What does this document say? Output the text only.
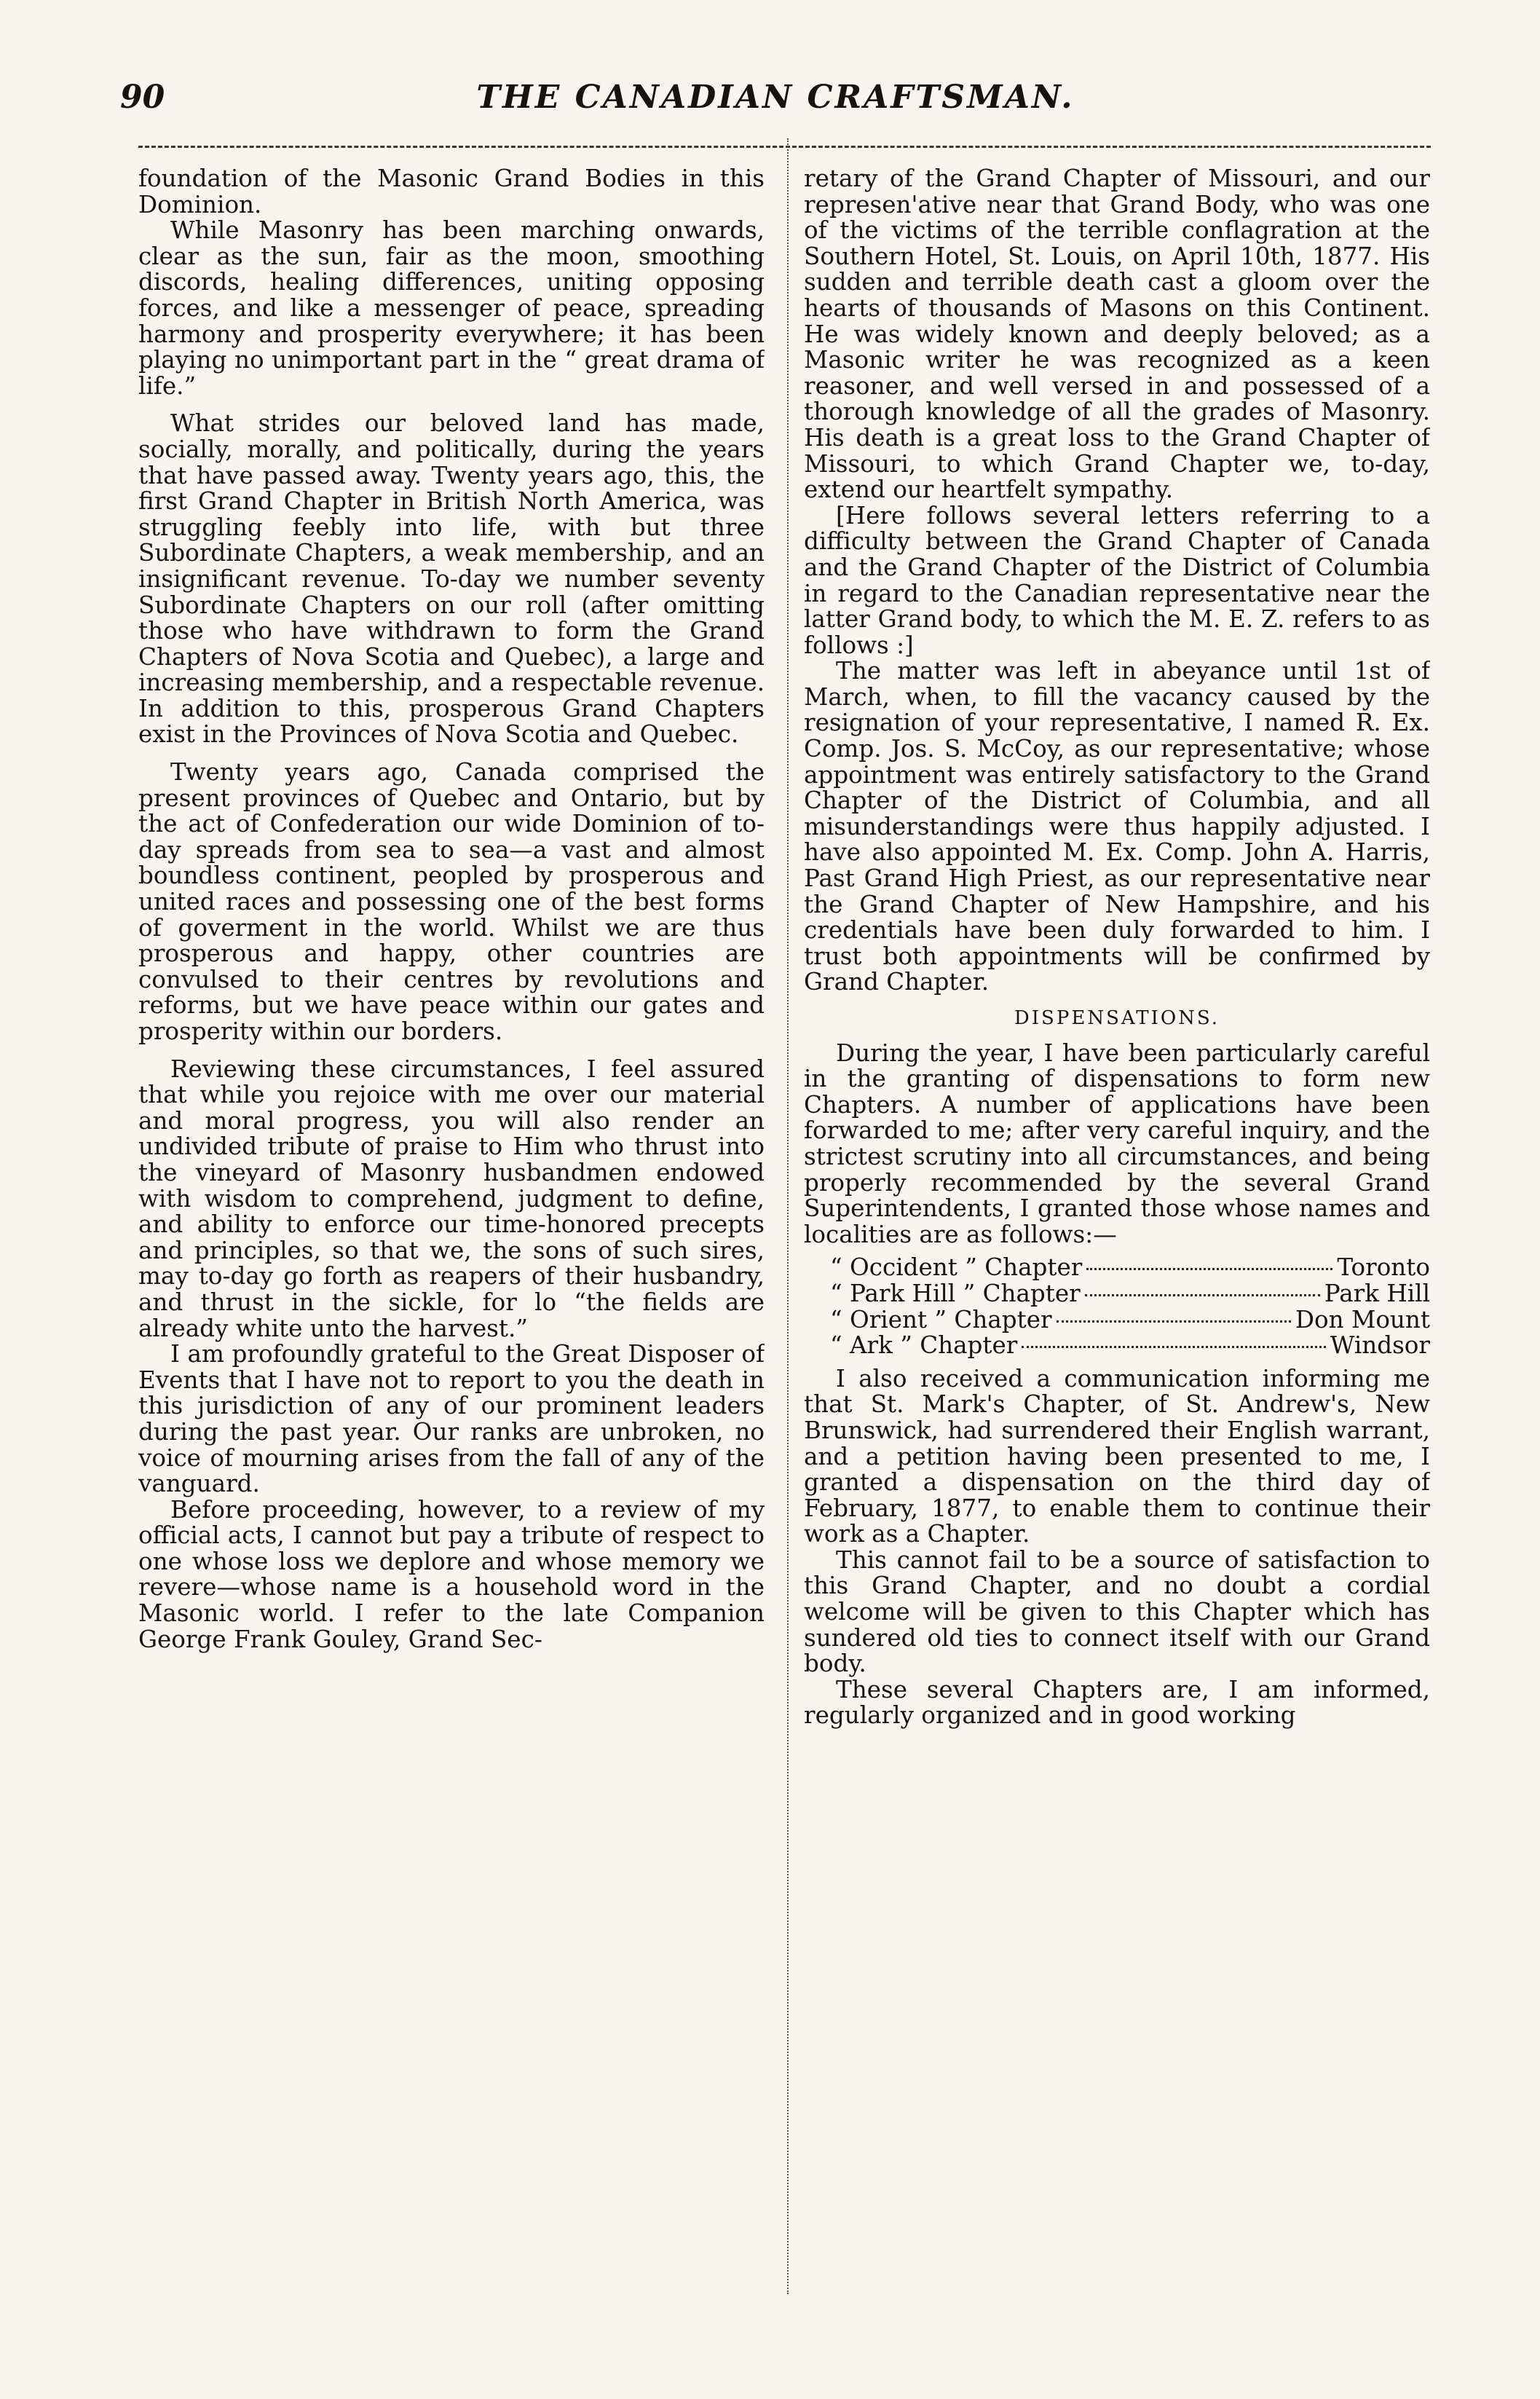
90	THE CANADIAN CRAFTSMAN.

foundation of the Masonic Grand Bodies in this Dominion.

While Masonry has been marching onwards, clear as the sun, fair as the moon, smoothing discords, healing differences, uniting opposing forces, and like a messenger of peace, spreading harmony and prosperity everywhere; it has been playing no unimportant part in the “ great drama of life.”

What strides our beloved land has made, socially, morally, and politically, during the years that have passed away. Twenty years ago, this, the first Grand Chapter in British North America, was struggling feebly into life, with but three Subordinate Chapters, a weak membership, and an insignificant revenue. To-day we number seventy Subordinate Chapters on our roll (after omitting those who have withdrawn to form the Grand Chapters of Nova Scotia and Quebec), a large and increasing membership, and a respectable revenue. In addition to this, prosperous Grand Chapters exist in the Provinces of Nova Scotia and Quebec.

Twenty years ago, Canada comprised the present provinces of Quebec and Ontario, but by the act of Confederation our wide Dominion of to-day spreads from sea to sea—a vast and almost boundless continent, peopled by prosperous and united races and possessing one of the best forms of goverment in the world. Whilst we are thus prosperous and happy, other countries are convulsed to their centres by revolutions and reforms, but we have peace within our gates and prosperity within our borders.

Reviewing these circumstances, I feel assured that while you rejoice with me over our material and moral progress, you will also render an undivided tribute of praise to Him who thrust into the vineyard of Masonry husbandmen endowed with wisdom to comprehend, judgment to define, and ability to enforce our time-honored precepts and principles, so that we, the sons of such sires, may to-day go forth as reapers of their husbandry, and thrust in the sickle, for lo “the fields are already white unto the harvest.”

I am profoundly grateful to the Great Disposer of Events that I have not to report to you the death in this jurisdiction of any of our prominent leaders during the past year. Our ranks are unbroken, no voice of mourning arises from the fall of any of the vanguard.

Before proceeding, however, to a review of my official acts, I cannot but pay a tribute of respect to one whose loss we deplore and whose memory we revere—whose name is a household word in the Masonic world. I refer to the late Companion George Frank Gouley, Grand Sec-

retary of the Grand Chapter of Missouri, and our represen'ative near that Grand Body, who was one of the victims of the terrible conflagration at the Southern Hotel, St. Louis, on April 10th, 1877. His sudden and terrible death cast a gloom over the hearts of thousands of Masons on this Continent. He was widely known and deeply beloved; as a Masonic writer he was recognized as a keen reasoner, and well versed in and possessed of a thorough knowledge of all the grades of Masonry. His death is a great loss to the Grand Chapter of Missouri, to which Grand Chapter we, to-day, extend our heartfelt sympathy.

[Here follows several letters referring to a difficulty between the Grand Chapter of Canada and the Grand Chapter of the District of Columbia in regard to the Canadian representative near the latter Grand body, to which the M. E. Z. refers to as follows :]

The matter was left in abeyance until 1st of March, when, to fill the vacancy caused by the resignation of your representative, I named R. Ex. Comp. Jos. S. McCoy, as our representative; whose appointment was entirely satisfactory to the Grand Chapter of the District of Columbia, and all misunderstandings were thus happily adjusted. I have also appointed M. Ex. Comp. John A. Harris, Past Grand High Priest, as our representative near the Grand Chapter of New Hampshire, and his credentials have been duly forwarded to him. I trust both appointments will be confirmed by Grand Chapter.

DISPENSATIONS.

During the year, I have been particularly careful in the granting of dispensations to form new Chapters. A number of applications have been forwarded to me; after very careful inquiry, and the strictest scrutiny into all circumstances, and being properly recommended by the several Grand Superintendents, I granted those whose names and localities are as follows:—

“ Occident ” Chapter	Toronto
“ Park Hill ” Chapter	Park Hill
“ Orient ” Chapter	Don Mount
“ Ark ” Chapter	Windsor

I also received a communication informing me that St. Mark's Chapter, of St. Andrew's, New Brunswick, had surrendered their English warrant, and a petition having been presented to me, I granted a dispensation on the third day of February, 1877, to enable them to continue their work as a Chapter.

This cannot fail to be a source of satisfaction to this Grand Chapter, and no doubt a cordial welcome will be given to this Chapter which has sundered old ties to connect itself with our Grand body.

These several Chapters are, I am informed, regularly organized and in good working
